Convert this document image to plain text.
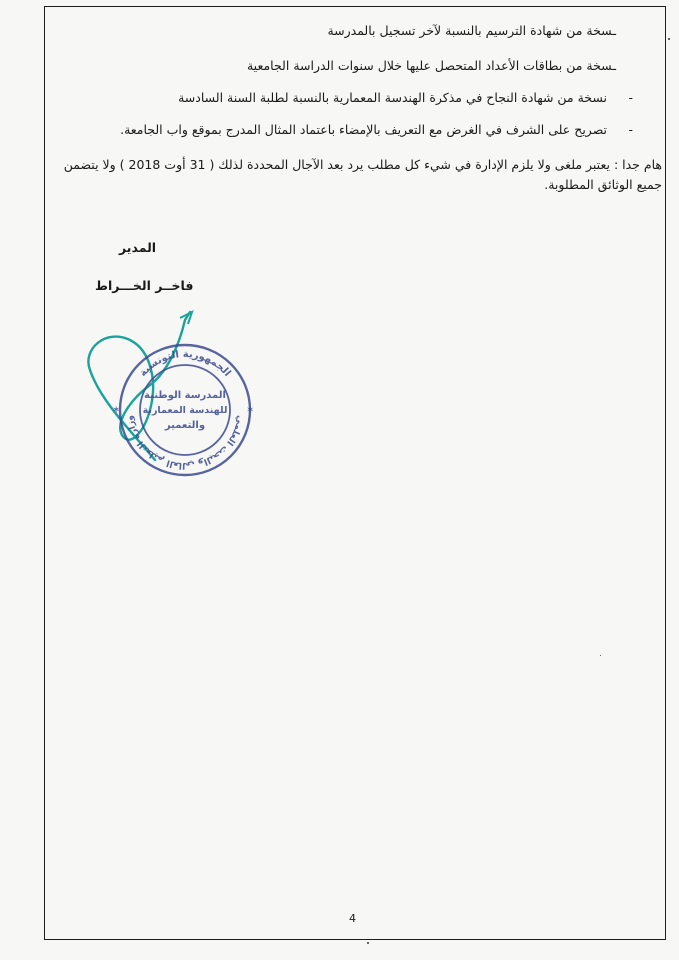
ـسخة من شهادة الترسيم بالنسبة لآخر تسجيل بالمدرسة
ـسخة من بطاقات الأعداد المتحصل عليها خلال سنوات الدراسة الجامعية
- نسخة من شهادة النجاح في مذكرة الهندسة المعمارية بالنسبة لطلبة السنة السادسة
- تصريح على الشرف في الغرض مع التعريف بالإمضاء باعتماد المثال المدرج بموقع واب الجامعة.
هام جدا : يعتبر ملغى ولا يلزم الإدارة في شيء كل مطلب يرد بعد الآجال المحددة لذلك ( 31 أوت 2018 ) ولا يتضمن جميع الوثائق المطلوبة.
المدير
فاخــر الخـــراط
الجمهورية التونسية
وزارة التعليم العالي والبحث العلمي
المدرسة الوطنية
للهندسة المعمارية
والتعمير
✶	✶
4
